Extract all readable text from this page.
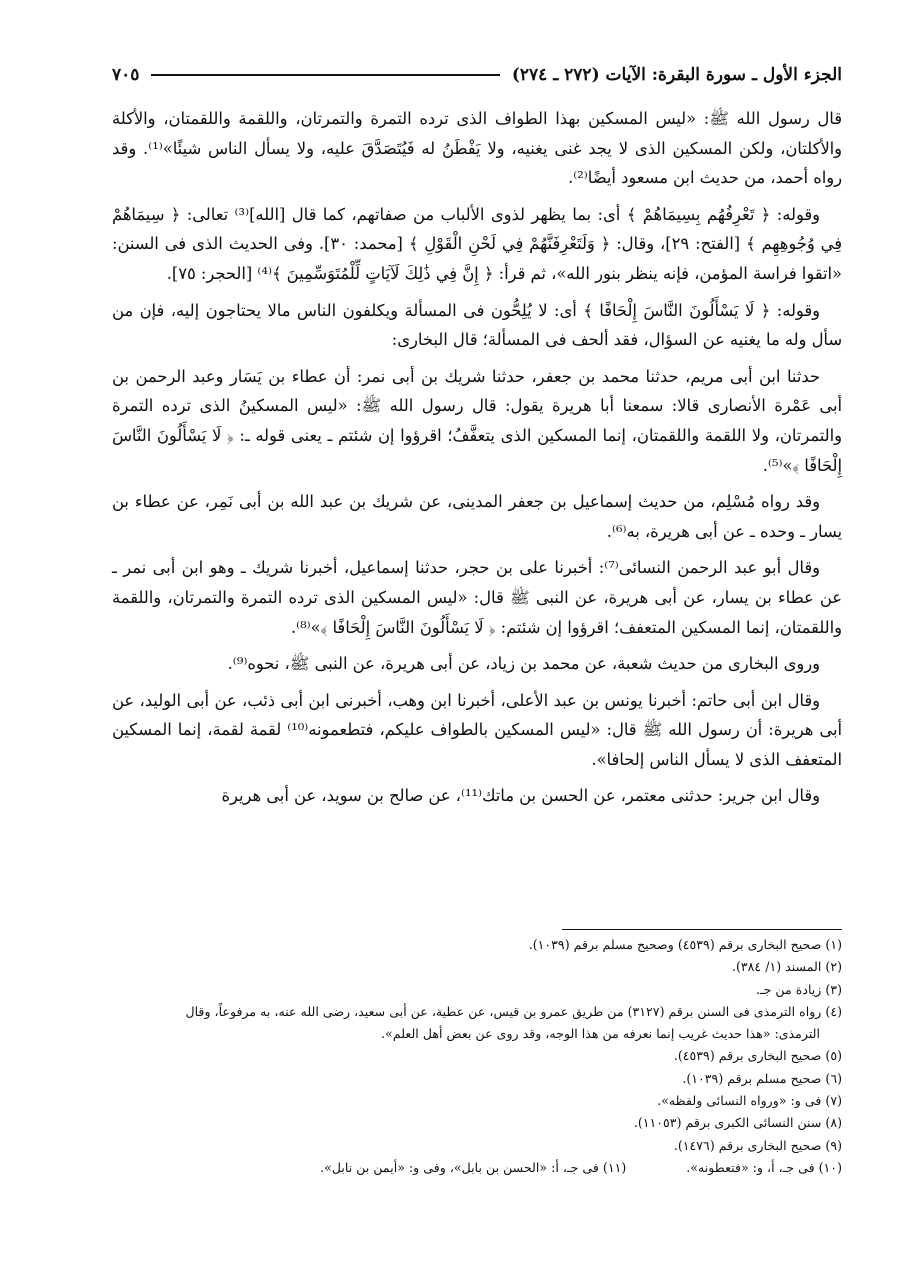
الجزء الأول ـ سورة البقرة: الآيات (٢٧٢ ـ ٢٧٤)
٧٠٥

قال رسول الله ﷺ: «ليس المسكين بهذا الطواف الذى ترده التمرة والتمرتان، واللقمة واللقمتان، والأكلة والأكلتان، ولكن المسكين الذى لا يجد غنى يغنيه، ولا يَفْطَنُ له فَيُتَصَدَّقَ عليه، ولا يسأل الناس شيئًا»⁽¹⁾. وقد رواه أحمد، من حديث ابن مسعود أيضًا⁽²⁾.

وقوله: ﴿ تَعْرِفُهُم بِسِيمَاهُمْ ﴾ أى: بما يظهر لذوى الألباب من صفاتهم، كما قال [الله]⁽³⁾ تعالى: ﴿ سِيمَاهُمْ فِي وُجُوهِهِم ﴾ [الفتح: ٢٩]، وقال: ﴿ وَلَتَعْرِفَنَّهُمْ فِي لَحْنِ الْقَوْلِ ﴾ [محمد: ٣٠]. وفى الحديث الذى فى السنن: «اتقوا فراسة المؤمن، فإنه ينظر بنور الله»، ثم قرأ: ﴿ إِنَّ فِي ذَٰلِكَ لَآيَاتٍ لِّلْمُتَوَسِّمِينَ ﴾⁽⁴⁾ [الحجر: ٧٥].

وقوله: ﴿ لَا يَسْأَلُونَ النَّاسَ إِلْحَافًا ﴾ أى: لا يُلِحُّون فى المسألة ويكلفون الناس مالا يحتاجون إليه، فإن من سأل وله ما يغنيه عن السؤال، فقد ألحف فى المسألة؛ قال البخارى:

حدثنا ابن أبى مريم، حدثنا محمد بن جعفر، حدثنا شريك بن أبى نمر: أن عطاء بن يَسَار وعبد الرحمن بن أبى عَمْرة الأنصارى قالا: سمعنا أبا هريرة يقول: قال رسول الله ﷺ: «ليس المسكينُ الذى ترده التمرة والتمرتان، ولا اللقمة واللقمتان، إنما المسكين الذى يتعفَّفُ؛ اقرؤوا إن شئتم ـ يعنى قوله ـ: ﴿ لَا يَسْأَلُونَ النَّاسَ إِلْحَافًا ﴾»⁽⁵⁾.

وقد رواه مُسْلِم، من حديث إسماعيل بن جعفر المدينى، عن شريك بن عبد الله بن أبى نَمِر، عن عطاء بن يسار ـ وحده ـ عن أبى هريرة، به⁽⁶⁾.

وقال أبو عبد الرحمن النسائى⁽⁷⁾: أخبرنا على بن حجر، حدثنا إسماعيل، أخبرنا شريك ـ وهو ابن أبى نمر ـ عن عطاء بن يسار، عن أبى هريرة، عن النبى ﷺ قال: «ليس المسكين الذى ترده التمرة والتمرتان، واللقمة واللقمتان، إنما المسكين المتعفف؛ اقرؤوا إن شئتم: ﴿ لَا يَسْأَلُونَ النَّاسَ إِلْحَافًا ﴾»⁽⁸⁾.

وروى البخارى من حديث شعبة، عن محمد بن زياد، عن أبى هريرة، عن النبى ﷺ، نحوه⁽⁹⁾.

وقال ابن أبى حاتم: أخبرنا يونس بن عبد الأعلى، أخبرنا ابن وهب، أخبرنى ابن أبى ذئب، عن أبى الوليد، عن أبى هريرة: أن رسول الله ﷺ قال: «ليس المسكين بالطواف عليكم، فتطعمونه⁽¹⁰⁾ لقمة لقمة، إنما المسكين المتعفف الذى لا يسأل الناس إلحافا».

وقال ابن جرير: حدثنى معتمر، عن الحسن بن ماتك⁽¹¹⁾، عن صالح بن سويد، عن أبى هريرة

(١) صحيح البخارى برقم (٤٥٣٩) وصحيح مسلم برقم (١٠٣٩).

(٢) المسند (١/ ٣٨٤).

(٣) زيادة من جـ.

(٤) رواه الترمذى فى السنن برقم (٣١٢٧) من طريق عمرو بن قيس، عن عطية، عن أبى سعيد، رضى الله عنه، به مرفوعاً، وقال

الترمذى: «هذا حديث غريب إنما نعرفه من هذا الوجه، وقد روى عن بعض أهل العلم».

(٥) صحيح البخارى برقم (٤٥٣٩).

(٦) صحيح مسلم برقم (١٠٣٩).

(٧) فى و: «ورواه النسائى ولفظه».

(٨) سنن النسائى الكبرى برقم (١١٠٥٣).

(٩) صحيح البخارى برقم (١٤٧٦).

(١٠) فى جـ، أ، و: «فتعطونه».
(١١) فى جـ، أ: «الحسن بن بابل»، وفى و: «أيمن بن نابل».
